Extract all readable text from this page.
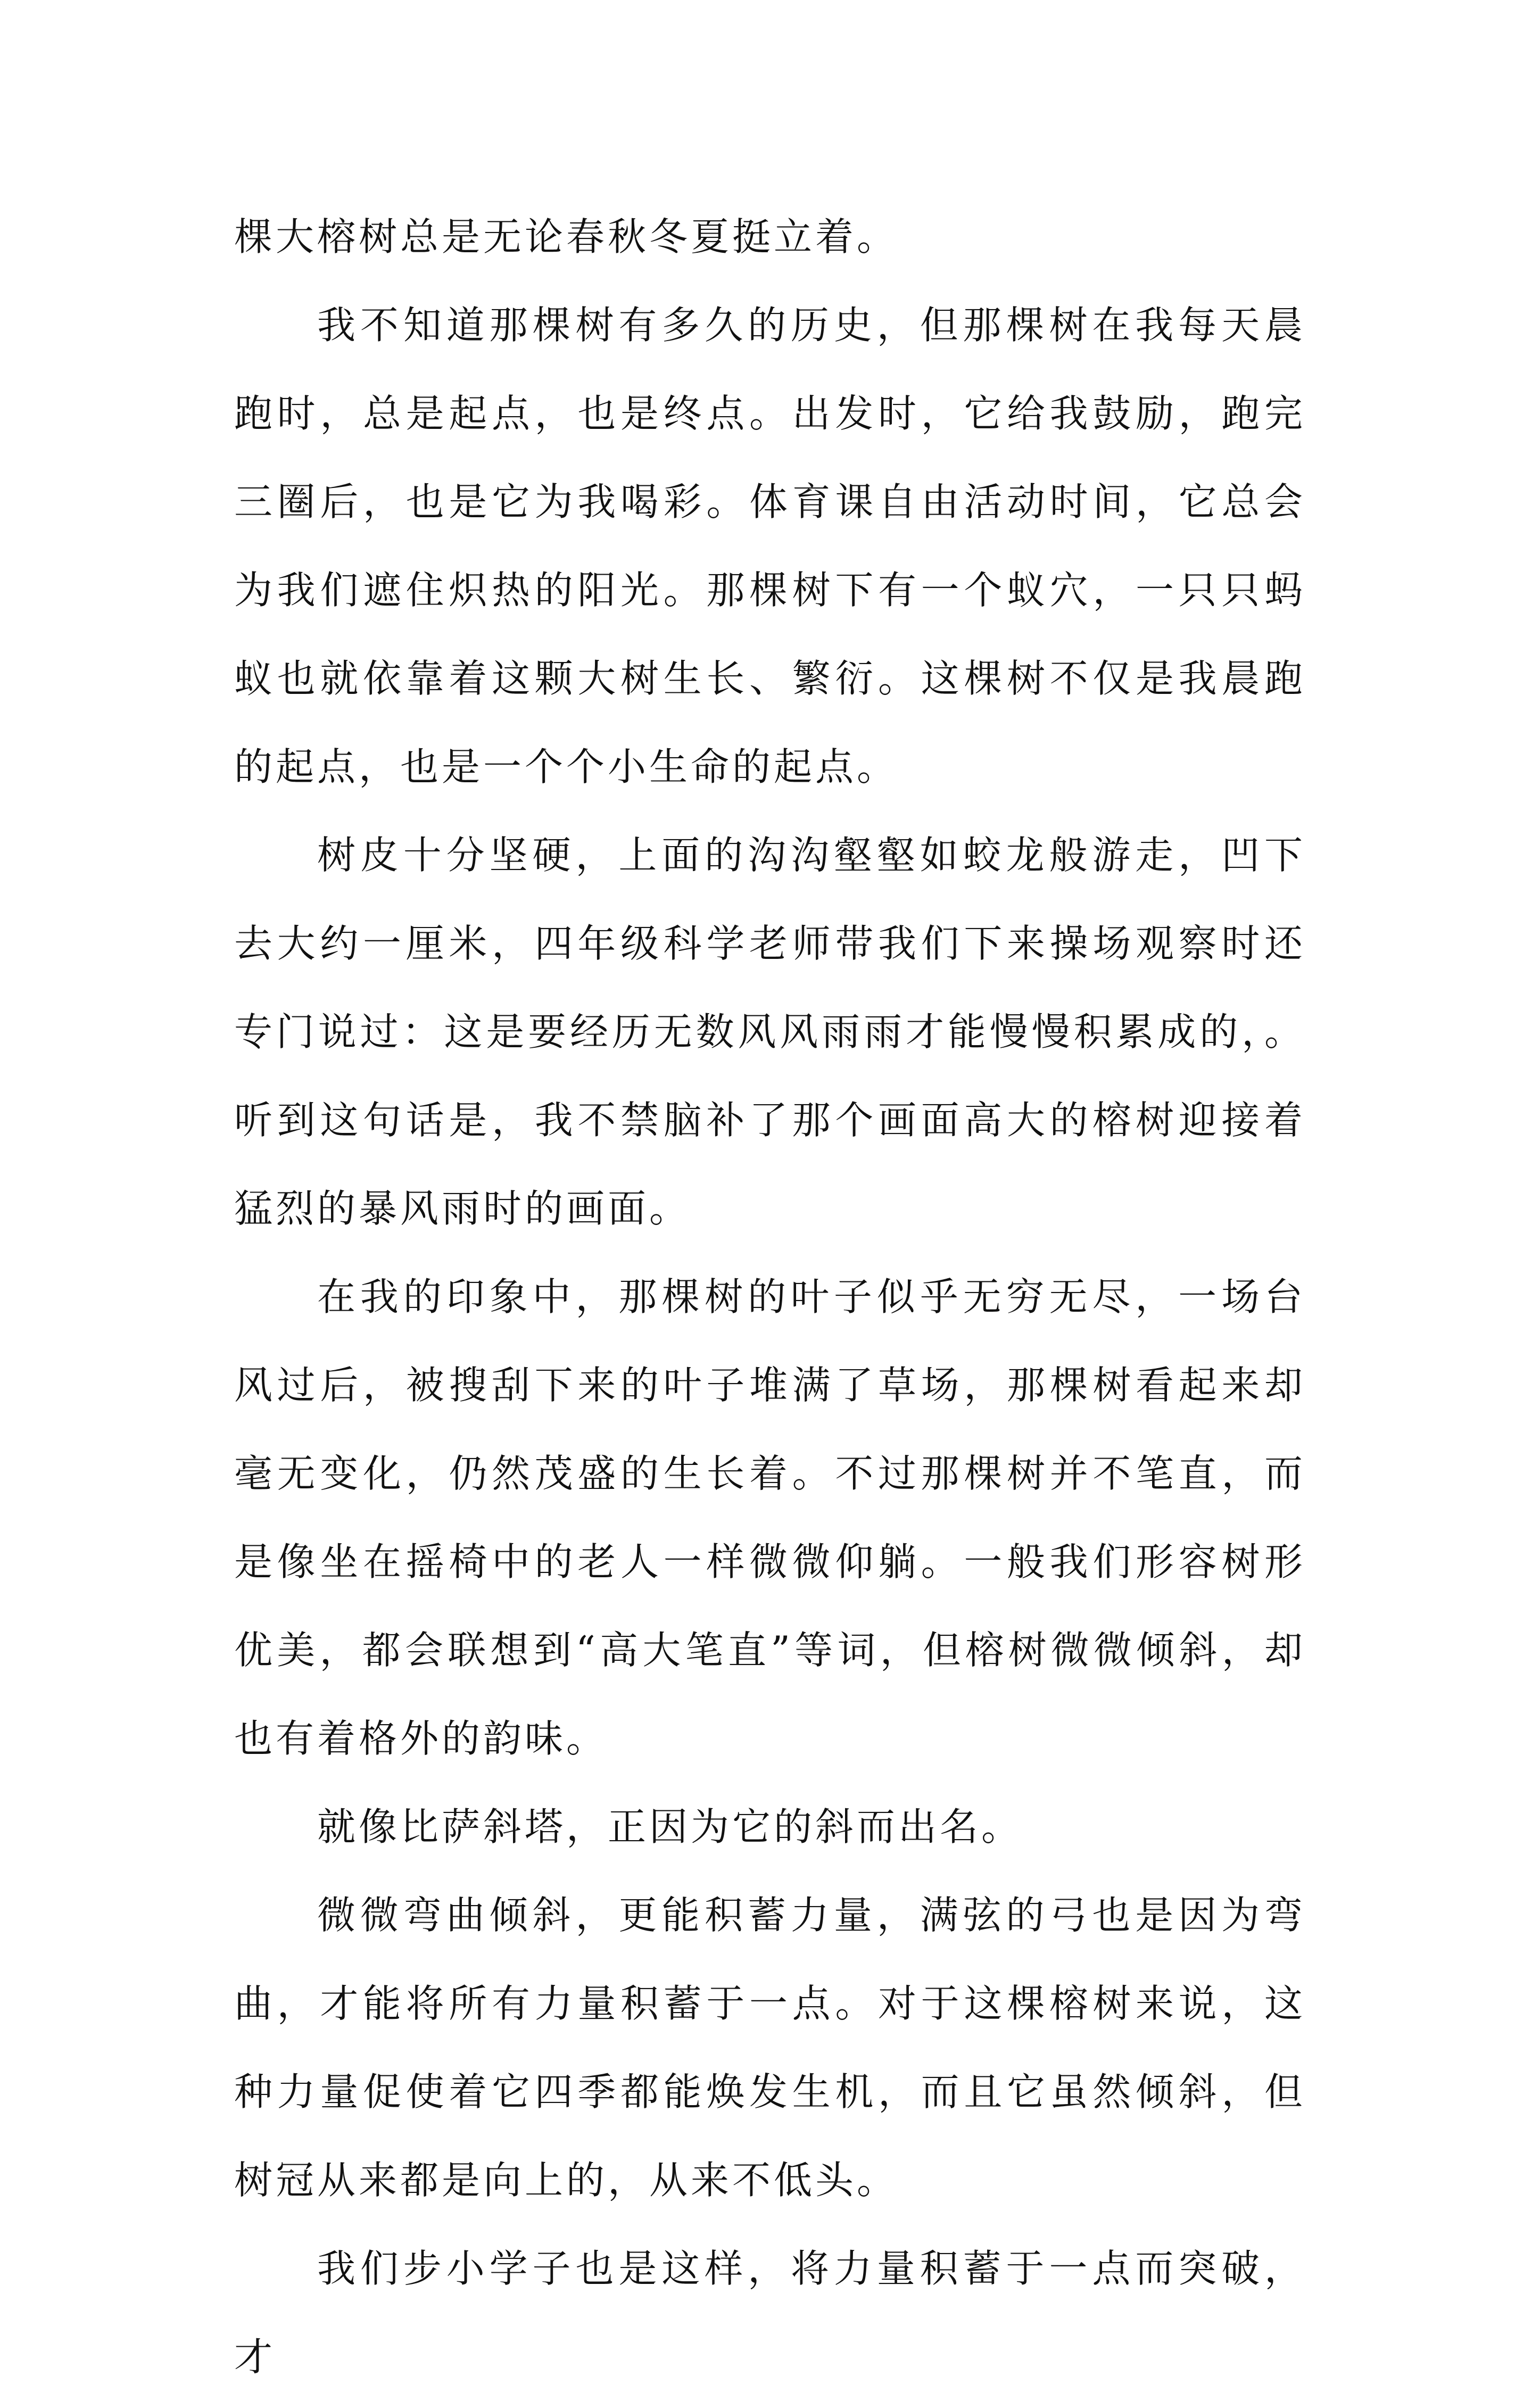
棵大榕树总是无论春秋冬夏挺立着。

我不知道那棵树有多久的历史，但那棵树在我每天晨跑时，总是起点，也是终点。出发时，它给我鼓励，跑完三圈后，也是它为我喝彩。体育课自由活动时间，它总会为我们遮住炽热的阳光。那棵树下有一个蚁穴，一只只蚂蚁也就依靠着这颗大树生长、繁衍。这棵树不仅是我晨跑的起点，也是一个个小生命的起点。

树皮十分坚硬，上面的沟沟壑壑如蛟龙般游走，凹下去大约一厘米，四年级科学老师带我们下来操场观察时还专门说过：这是要经历无数风风雨雨才能慢慢积累成的，。听到这句话是，我不禁脑补了那个画面高大的榕树迎接着猛烈的暴风雨时的画面。

在我的印象中，那棵树的叶子似乎无穷无尽，一场台风过后，被搜刮下来的叶子堆满了草场，那棵树看起来却毫无变化，仍然茂盛的生长着。不过那棵树并不笔直，而是像坐在摇椅中的老人一样微微仰躺。一般我们形容树形优美，都会联想到“高大笔直”等词，但榕树微微倾斜，却也有着格外的韵味。

就像比萨斜塔，正因为它的斜而出名。

微微弯曲倾斜，更能积蓄力量，满弦的弓也是因为弯曲，才能将所有力量积蓄于一点。对于这棵榕树来说，这种力量促使着它四季都能焕发生机，而且它虽然倾斜，但树冠从来都是向上的，从来不低头。

我们步小学子也是这样，将力量积蓄于一点而突破，才
